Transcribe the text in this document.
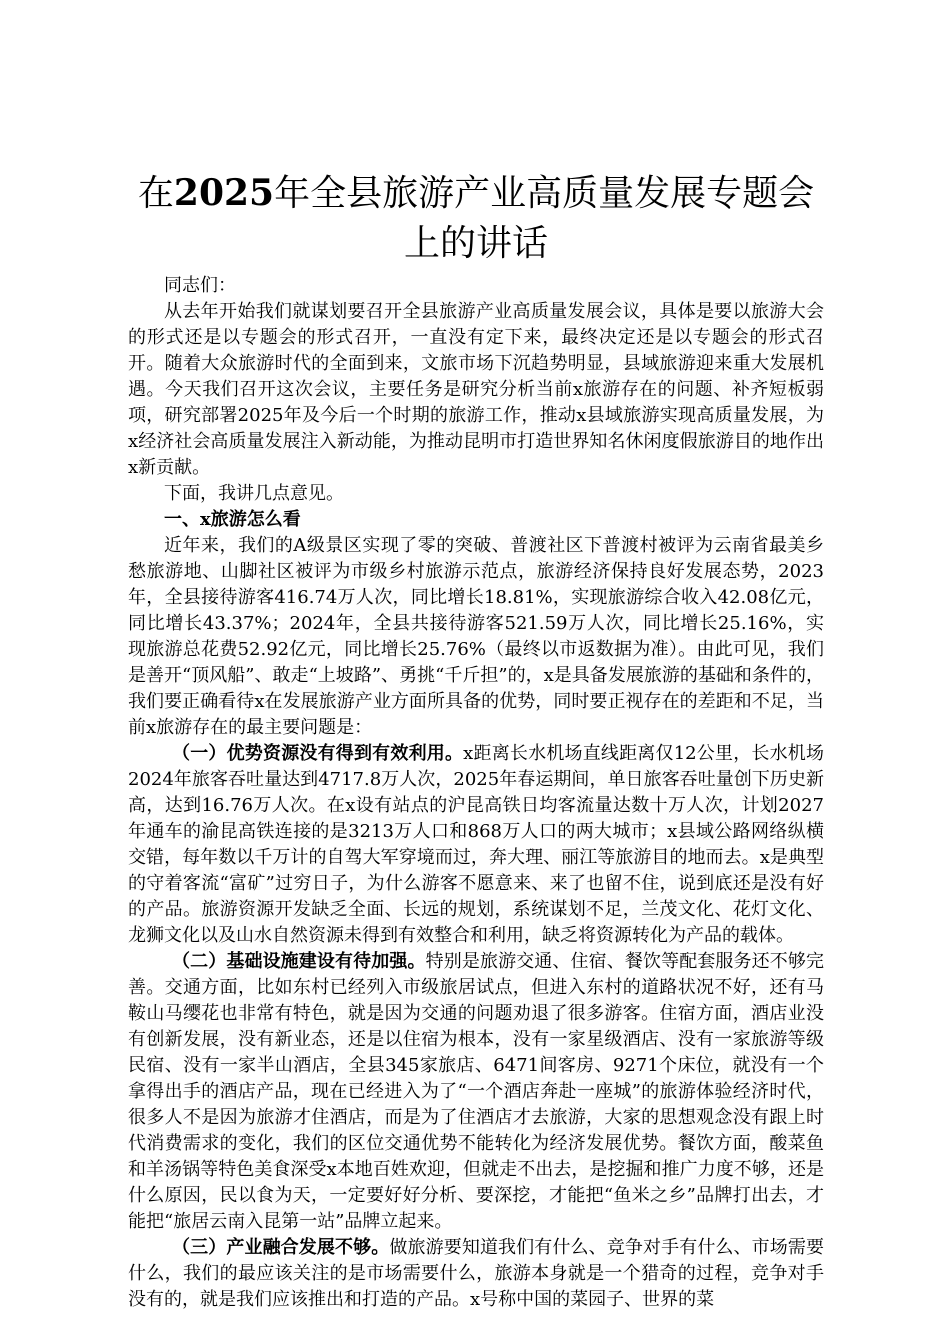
在2025年全县旅游产业高质量发展专题会上的讲话

同志们：

从去年开始我们就谋划要召开全县旅游产业高质量发展会议，具体是要以旅游大会的形式还是以专题会的形式召开，一直没有定下来，最终决定还是以专题会的形式召开。随着大众旅游时代的全面到来，文旅市场下沉趋势明显，县域旅游迎来重大发展机遇。今天我们召开这次会议，主要任务是研究分析当前x旅游存在的问题、补齐短板弱项，研究部署2025年及今后一个时期的旅游工作，推动x县域旅游实现高质量发展，为x经济社会高质量发展注入新动能，为推动昆明市打造世界知名休闲度假旅游目的地作出x新贡献。

下面，我讲几点意见。

一、x旅游怎么看

近年来，我们的A级景区实现了零的突破、普渡社区下普渡村被评为云南省最美乡愁旅游地、山脚社区被评为市级乡村旅游示范点，旅游经济保持良好发展态势，2023年，全县接待游客416.74万人次，同比增长18.81%，实现旅游综合收入42.08亿元，同比增长43.37%；2024年，全县共接待游客521.59万人次，同比增长25.16%，实现旅游总花费52.92亿元，同比增长25.76%（最终以市返数据为准）。由此可见，我们是善开“顶风船”、敢走“上坡路”、勇挑“千斤担”的，x是具备发展旅游的基础和条件的，我们要正确看待x在发展旅游产业方面所具备的优势，同时要正视存在的差距和不足，当前x旅游存在的最主要问题是：

（一）优势资源没有得到有效利用。x距离长水机场直线距离仅12公里，长水机场2024年旅客吞吐量达到4717.8万人次，2025年春运期间，单日旅客吞吐量创下历史新高，达到16.76万人次。在x设有站点的沪昆高铁日均客流量达数十万人次，计划2027年通车的渝昆高铁连接的是3213万人口和868万人口的两大城市；x县域公路网络纵横交错，每年数以千万计的自驾大军穿境而过，奔大理、丽江等旅游目的地而去。x是典型的守着客流“富矿”过穷日子，为什么游客不愿意来、来了也留不住，说到底还是没有好的产品。旅游资源开发缺乏全面、长远的规划，系统谋划不足，兰茂文化、花灯文化、龙狮文化以及山水自然资源未得到有效整合和利用，缺乏将资源转化为产品的载体。

（二）基础设施建设有待加强。特别是旅游交通、住宿、餐饮等配套服务还不够完善。交通方面，比如东村已经列入市级旅居试点，但进入东村的道路状况不好，还有马鞍山马缨花也非常有特色，就是因为交通的问题劝退了很多游客。住宿方面，酒店业没有创新发展，没有新业态，还是以住宿为根本，没有一家星级酒店、没有一家旅游等级民宿、没有一家半山酒店，全县345家旅店、6471间客房、9271个床位，就没有一个拿得出手的酒店产品，现在已经进入为了“一个酒店奔赴一座城”的旅游体验经济时代，很多人不是因为旅游才住酒店，而是为了住酒店才去旅游，大家的思想观念没有跟上时代消费需求的变化，我们的区位交通优势不能转化为经济发展优势。餐饮方面，酸菜鱼和羊汤锅等特色美食深受x本地百姓欢迎，但就走不出去，是挖掘和推广力度不够，还是什么原因，民以食为天，一定要好好分析、要深挖，才能把“鱼米之乡”品牌打出去，才能把“旅居云南入昆第一站”品牌立起来。

（三）产业融合发展不够。做旅游要知道我们有什么、竞争对手有什么、市场需要什么，我们的最应该关注的是市场需要什么，旅游本身就是一个猎奇的过程，竞争对手没有的，就是我们应该推出和打造的产品。x号称中国的菜园子、世界的菜
